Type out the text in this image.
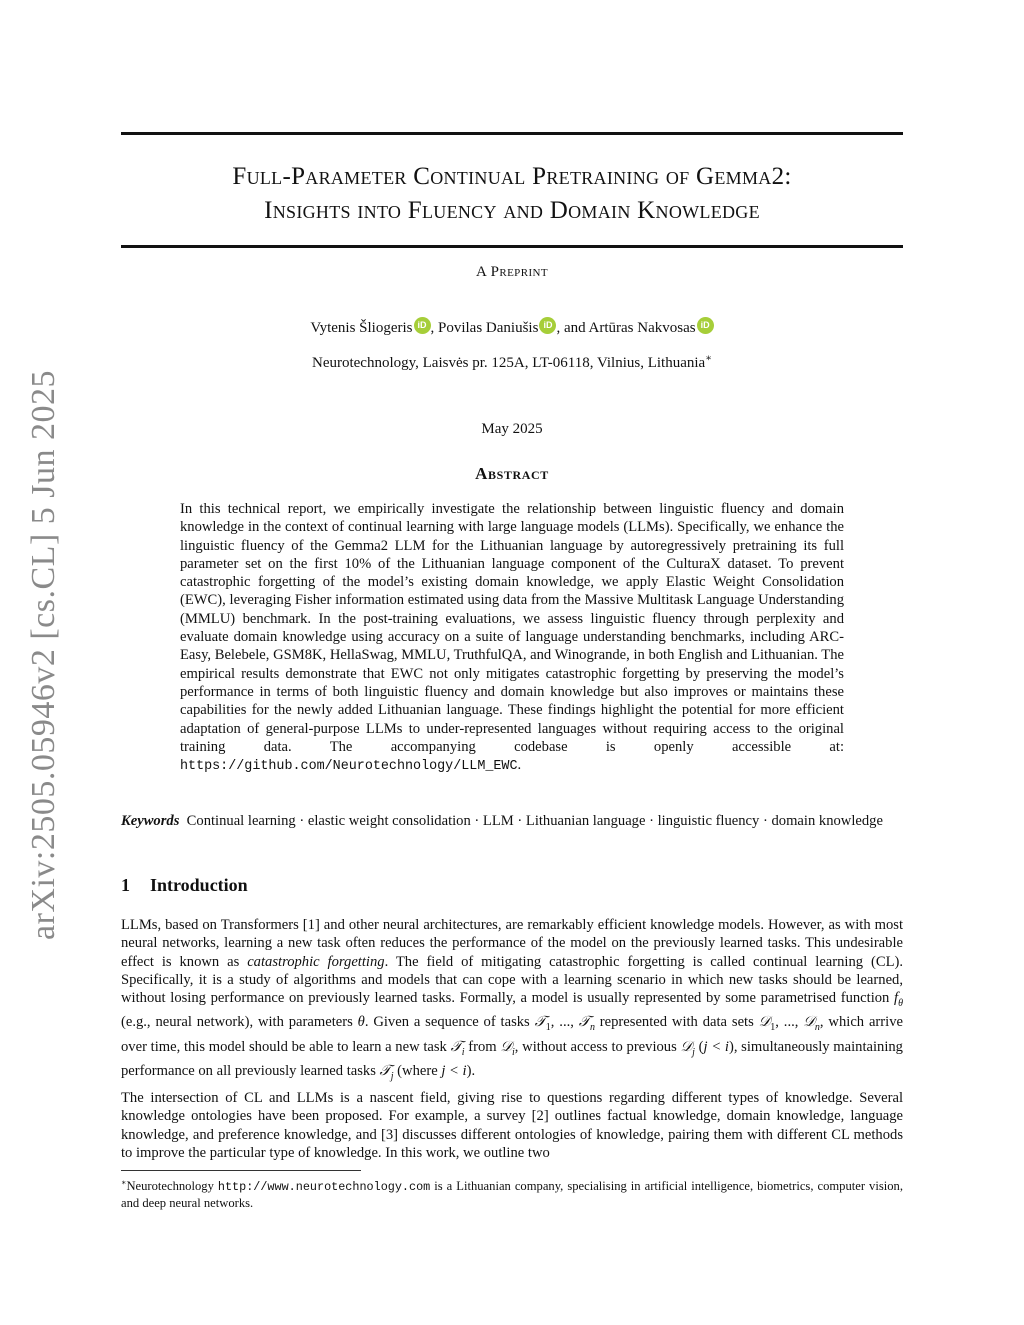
arXiv:2505.05946v2 [cs.CL] 5 Jun 2025
Full-Parameter Continual Pretraining of Gemma2:
Insights into Fluency and Domain Knowledge
A Preprint
Vytenis Šliogeris iD , Povilas Daniušis iD , and Artūras Nakvosas iD
Neurotechnology, Laisvės pr. 125A, LT-06118, Vilnius, Lithuania∗
May 2025
Abstract
In this technical report, we empirically investigate the relationship between linguistic fluency and domain knowledge in the context of continual learning with large language models (LLMs). Specifically, we enhance the linguistic fluency of the Gemma2 LLM for the Lithuanian language by autoregressively pretraining its full parameter set on the first 10% of the Lithuanian language component of the CulturaX dataset. To prevent catastrophic forgetting of the model’s existing domain knowledge, we apply Elastic Weight Consolidation (EWC), leveraging Fisher information estimated using data from the Massive Multitask Language Understanding (MMLU) benchmark. In the post-training evaluations, we assess linguistic fluency through perplexity and evaluate domain knowledge using accuracy on a suite of language understanding benchmarks, including ARC-Easy, Belebele, GSM8K, HellaSwag, MMLU, TruthfulQA, and Winogrande, in both English and Lithuanian. The empirical results demonstrate that EWC not only mitigates catastrophic forgetting by preserving the model’s performance in terms of both linguistic fluency and domain knowledge but also improves or maintains these capabilities for the newly added Lithuanian language. These findings highlight the potential for more efficient adaptation of general-purpose LLMs to under-represented languages without requiring access to the original training data. The accompanying codebase is openly accessible at: https://github.com/Neurotechnology/LLM_EWC.
Keywords Continual learning · elastic weight consolidation · LLM · Lithuanian language · linguistic fluency · domain knowledge
1 Introduction
LLMs, based on Transformers [1] and other neural architectures, are remarkably efficient knowledge models. However, as with most neural networks, learning a new task often reduces the performance of the model on the previously learned tasks. This undesirable effect is known as catastrophic forgetting. The field of mitigating catastrophic forgetting is called continual learning (CL). Specifically, it is a study of algorithms and models that can cope with a learning scenario in which new tasks should be learned, without losing performance on previously learned tasks. Formally, a model is usually represented by some parametrised function $f_\theta$ (e.g., neural network), with parameters θ. Given a sequence of tasks 𝒯$_1$, ..., 𝒯$_n$ represented with data sets 𝒟$_1$, ..., 𝒟$_n$, which arrive over time, this model should be able to learn a new task 𝒯$_i$ from 𝒟$_i$, without access to previous 𝒟$_j$ (j < i), simultaneously maintaining performance on all previously learned tasks 𝒯$_j$ (where j < i).
The intersection of CL and LLMs is a nascent field, giving rise to questions regarding different types of knowledge. Several knowledge ontologies have been proposed. For example, a survey [2] outlines factual knowledge, domain knowledge, language knowledge, and preference knowledge, and [3] discusses different ontologies of knowledge, pairing them with different CL methods to improve the particular type of knowledge. In this work, we outline two
∗Neurotechnology http://www.neurotechnology.com is a Lithuanian company, specialising in artificial intelligence, biometrics, computer vision, and deep neural networks.
